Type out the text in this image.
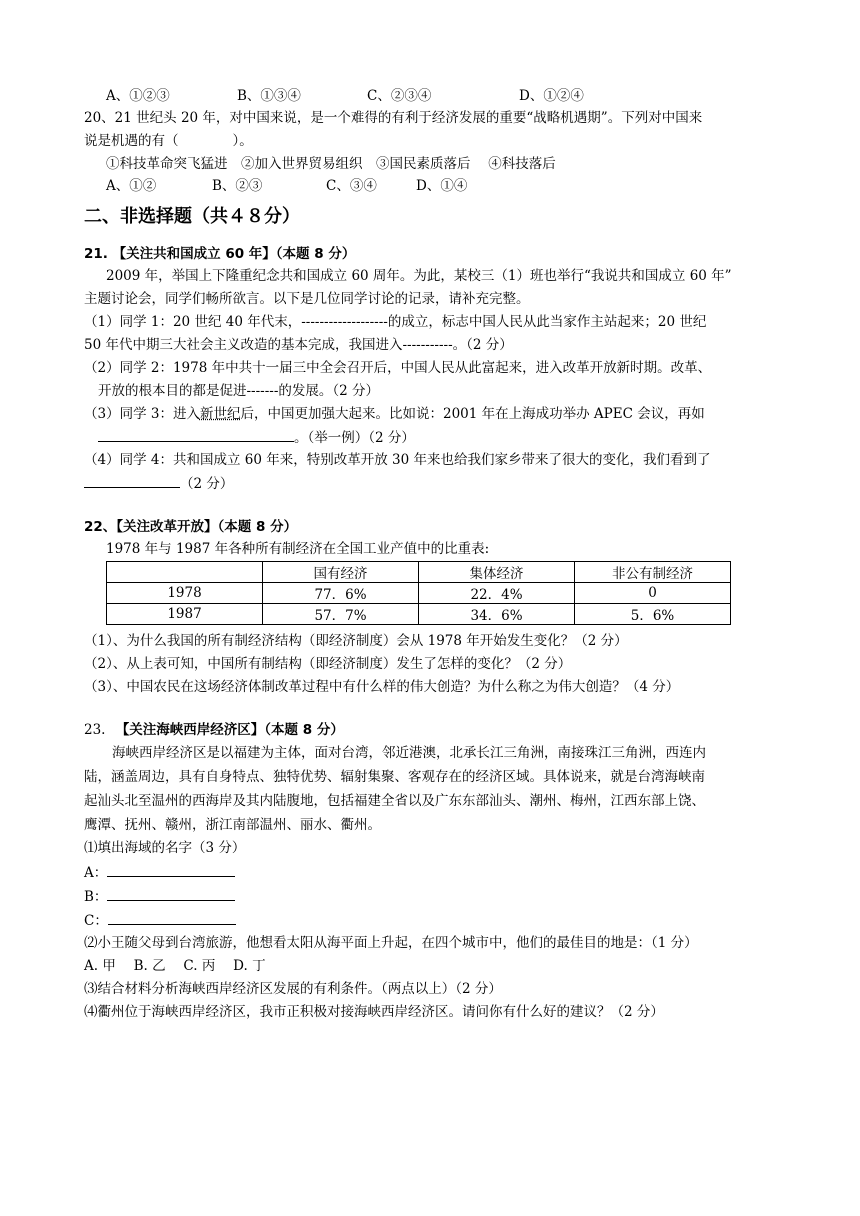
A、①②③	B、①③④	C、②③④	D、①②④
20、21 世纪头 20 年，对中国来说，是一个难得的有利于经济发展的重要“战略机遇期”。下列对中国来
说是机遇的有（　　　　）。
①科技革命突飞猛进　②加入世界贸易组织　③国民素质落后　 ④科技落后
A、①②	B、②③	C、③④	D、①④
二、非选择题（共４８分）
21. 【关注共和国成立 60 年】（本题 8 分）
2009 年，举国上下隆重纪念共和国成立 60 周年。为此，某校三（1）班也举行“我说共和国成立 60 年”
主题讨论会，同学们畅所欲言。以下是几位同学讨论的记录，请补充完整。
（1）同学 1：20 世纪 40 年代末，-------------------的成立，标志中国人民从此当家作主站起来；20 世纪
50 年代中期三大社会主义改造的基本完成，我国进入-----------。（2 分）
（2）同学 2：1978 年中共十一届三中全会召开后，中国人民从此富起来，进入改革开放新时期。改革、
开放的根本目的都是促进-------的发展。（2 分）
（3）同学 3：进入新世纪后，中国更加强大起来。比如说：2001 年在上海成功举办 APEC 会议，再如
。（举一例）（2 分）
（4）同学 4：共和国成立 60 年来，特别改革开放 30 年来也给我们家乡带来了很大的变化，我们看到了
（2 分）
22、【关注改革开放】（本题 8 分）
1978 年与 1987 年各种所有制经济在全国工业产值中的比重表:
	国有经济	集体经济	非公有制经济
1978	77．6%	22．4%	0
1987	57．7%	34．6%	5．6%
（1）、为什么我国的所有制经济结构（即经济制度）会从 1978 年开始发生变化？（2 分）
（2）、从上表可知，中国所有制结构（即经济制度）发生了怎样的变化？（2 分）
（3）、中国农民在这场经济体制改革过程中有什么样的伟大创造？为什么称之为伟大创造？（4 分）
23. 【关注海峡西岸经济区】（本题 8 分）
海峡西岸经济区是以福建为主体，面对台湾，邻近港澳，北承长江三角洲，南接珠江三角洲，西连内
陆，涵盖周边，具有自身特点、独特优势、辐射集聚、客观存在的经济区域。具体说来，就是台湾海峡南
起汕头北至温州的西海岸及其内陆腹地，包括福建全省以及广东东部汕头、潮州、梅州，江西东部上饶、
鹰潭、抚州、赣州，浙江南部温州、丽水、衢州。
⑴填出海域的名字（3 分）
A：
B：
C：
⑵小王随父母到台湾旅游，他想看太阳从海平面上升起，在四个城市中，他们的最佳目的地是：（1 分）
A. 甲　 B. 乙　 C. 丙　 D. 丁
⑶结合材料分析海峡西岸经济区发展的有利条件。（两点以上）（2 分）
⑷衢州位于海峡西岸经济区，我市正积极对接海峡西岸经济区。请问你有什么好的建议？（2 分）
